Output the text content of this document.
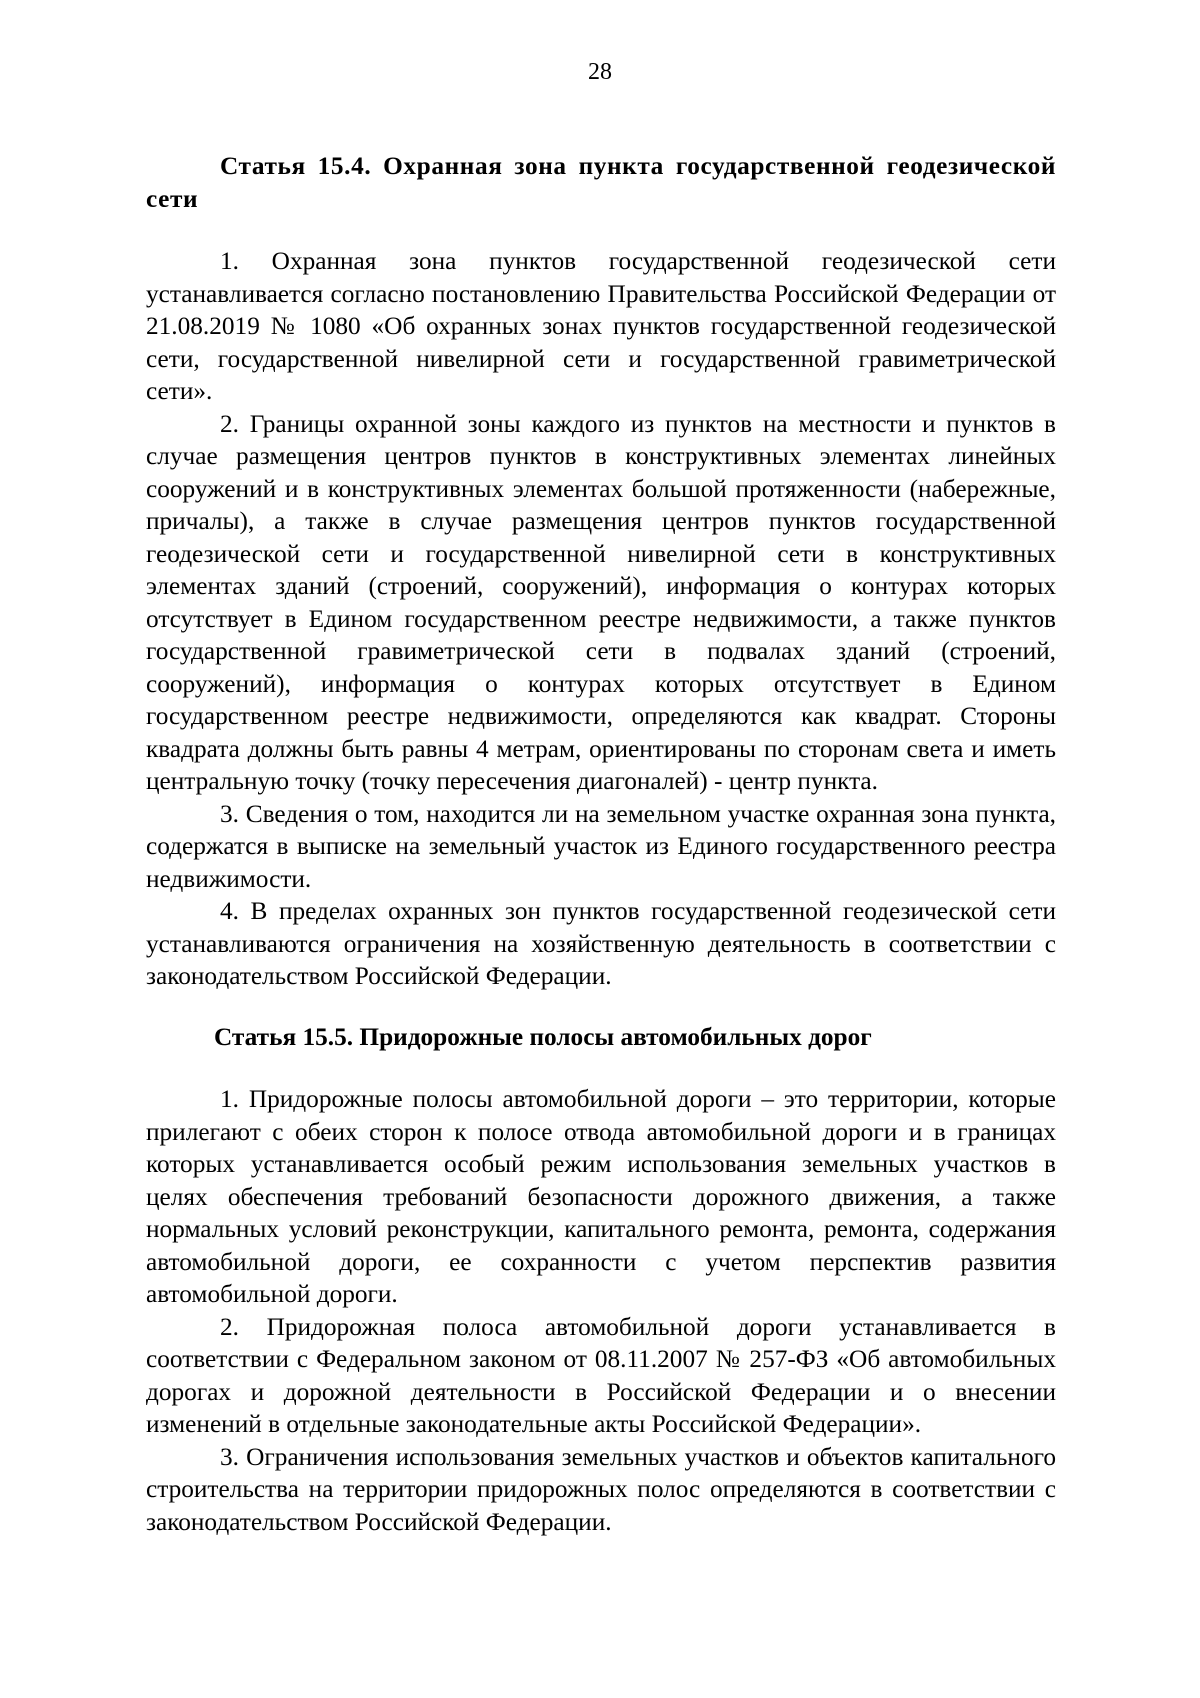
28

Статья 15.4. Охранная зона пункта государственной геодезической сети

1. Охранная зона пунктов государственной геодезической сети устанавливается согласно постановлению Правительства Российской Федерации от 21.08.2019 № 1080 «Об охранных зонах пунктов государственной геодезической сети, государственной нивелирной сети и государственной гравиметрической сети».

2. Границы охранной зоны каждого из пунктов на местности и пунктов в случае размещения центров пунктов в конструктивных элементах линейных сооружений и в конструктивных элементах большой протяженности (набережные, причалы), а также в случае размещения центров пунктов государственной геодезической сети и государственной нивелирной сети в конструктивных элементах зданий (строений, сооружений), информация о контурах которых отсутствует в Едином государственном реестре недвижимости, а также пунктов государственной гравиметрической сети в подвалах зданий (строений, сооружений), информация о контурах которых отсутствует в Едином государственном реестре недвижимости, определяются как квадрат. Стороны квадрата должны быть равны 4 метрам, ориентированы по сторонам света и иметь центральную точку (точку пересечения диагоналей) - центр пункта.

3. Сведения о том, находится ли на земельном участке охранная зона пункта, содержатся в выписке на земельный участок из Единого государственного реестра недвижимости.

4. В пределах охранных зон пунктов государственной геодезической сети устанавливаются ограничения на хозяйственную деятельность в соответствии с законодательством Российской Федерации.

Статья 15.5. Придорожные полосы автомобильных дорог

1. Придорожные полосы автомобильной дороги – это территории, которые прилегают с обеих сторон к полосе отвода автомобильной дороги и в границах которых устанавливается особый режим использования земельных участков в целях обеспечения требований безопасности дорожного движения, а также нормальных условий реконструкции, капитального ремонта, ремонта, содержания автомобильной дороги, ее сохранности с учетом перспектив развития автомобильной дороги.

2. Придорожная полоса автомобильной дороги устанавливается в соответствии с Федеральном законом от 08.11.2007 № 257-ФЗ «Об автомобильных дорогах и дорожной деятельности в Российской Федерации и о внесении изменений в отдельные законодательные акты Российской Федерации».

3. Ограничения использования земельных участков и объектов капитального строительства на территории придорожных полос определяются в соответствии с законодательством Российской Федерации.
